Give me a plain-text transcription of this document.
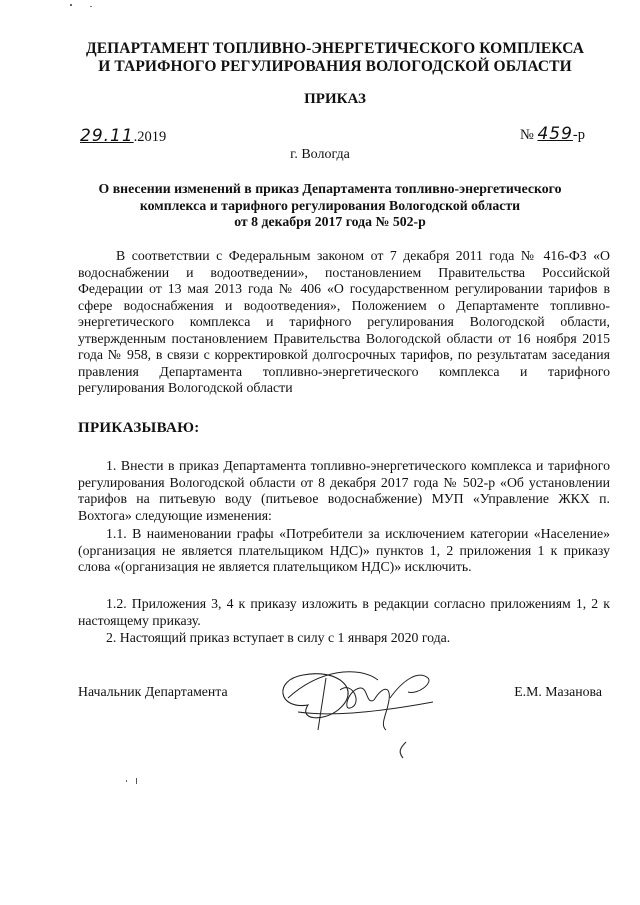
ДЕПАРТАМЕНТ ТОПЛИВНО-ЭНЕРГЕТИЧЕСКОГО КОМПЛЕКСА
И ТАРИФНОГО РЕГУЛИРОВАНИЯ ВОЛОГОДСКОЙ ОБЛАСТИ
ПРИКАЗ
29.11.2019	№ 459-р
г. Вологда
О внесении изменений в приказ Департамента топливно-энергетического
комплекса и тарифного регулирования Вологодской области
от 8 декабря 2017 года № 502-р

В соответствии с Федеральным законом от 7 декабря 2011 года № 416-ФЗ «О водоснабжении и водоотведении», постановлением Правительства Российской Федерации от 13 мая 2013 года № 406 «О государственном регулировании тарифов в сфере водоснабжения и водоотведения», Положением о Департаменте топливно-энергетического комплекса и тарифного регулирования Вологодской области, утвержденным постановлением Правительства Вологодской области от 16 ноября 2015 года № 958, в связи с корректировкой долгосрочных тарифов, по результатам заседания правления Департамента топливно-энергетического комплекса и тарифного регулирования Вологодской области

ПРИКАЗЫВАЮ:

1. Внести в приказ Департамента топливно-энергетического комплекса и тарифного регулирования Вологодской области от 8 декабря 2017 года № 502-р «Об установлении тарифов на питьевую воду (питьевое водоснабжение) МУП «Управление ЖКХ п. Вохтога» следующие изменения:

1.1. В наименовании графы «Потребители за исключением категории «Население» (организация не является плательщиком НДС)» пунктов 1, 2 приложения 1 к приказу слова «(организация не является плательщиком НДС)» исключить.

1.2. Приложения 3, 4 к приказу изложить в редакции согласно приложениям 1, 2 к настоящему приказу.

2. Настоящий приказ вступает в силу с 1 января 2020 года.

Начальник Департамента	Е.М. Мазанова
